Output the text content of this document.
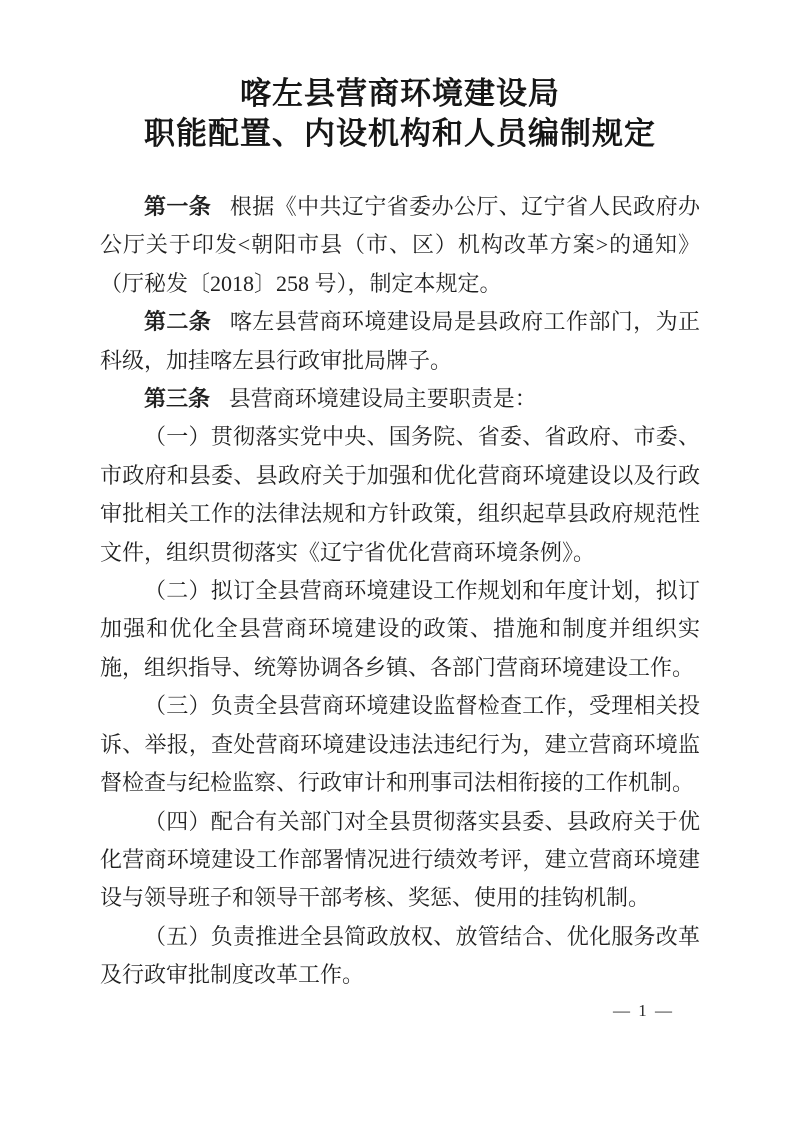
喀左县营商环境建设局
职能配置、内设机构和人员编制规定

第一条 根据《中共辽宁省委办公厅、辽宁省人民政府办公厅关于印发<朝阳市县（市、区）机构改革方案>的通知》（厅秘发〔2018〕258 号），制定本规定。

第二条 喀左县营商环境建设局是县政府工作部门，为正科级，加挂喀左县行政审批局牌子。

第三条 县营商环境建设局主要职责是：

（一）贯彻落实党中央、国务院、省委、省政府、市委、市政府和县委、县政府关于加强和优化营商环境建设以及行政审批相关工作的法律法规和方针政策，组织起草县政府规范性文件，组织贯彻落实《辽宁省优化营商环境条例》。

（二）拟订全县营商环境建设工作规划和年度计划，拟订加强和优化全县营商环境建设的政策、措施和制度并组织实施，组织指导、统筹协调各乡镇、各部门营商环境建设工作。

（三）负责全县营商环境建设监督检查工作，受理相关投诉、举报，查处营商环境建设违法违纪行为，建立营商环境监督检查与纪检监察、行政审计和刑事司法相衔接的工作机制。

（四）配合有关部门对全县贯彻落实县委、县政府关于优化营商环境建设工作部署情况进行绩效考评，建立营商环境建设与领导班子和领导干部考核、奖惩、使用的挂钩机制。

（五）负责推进全县简政放权、放管结合、优化服务改革及行政审批制度改革工作。

— 1 —
